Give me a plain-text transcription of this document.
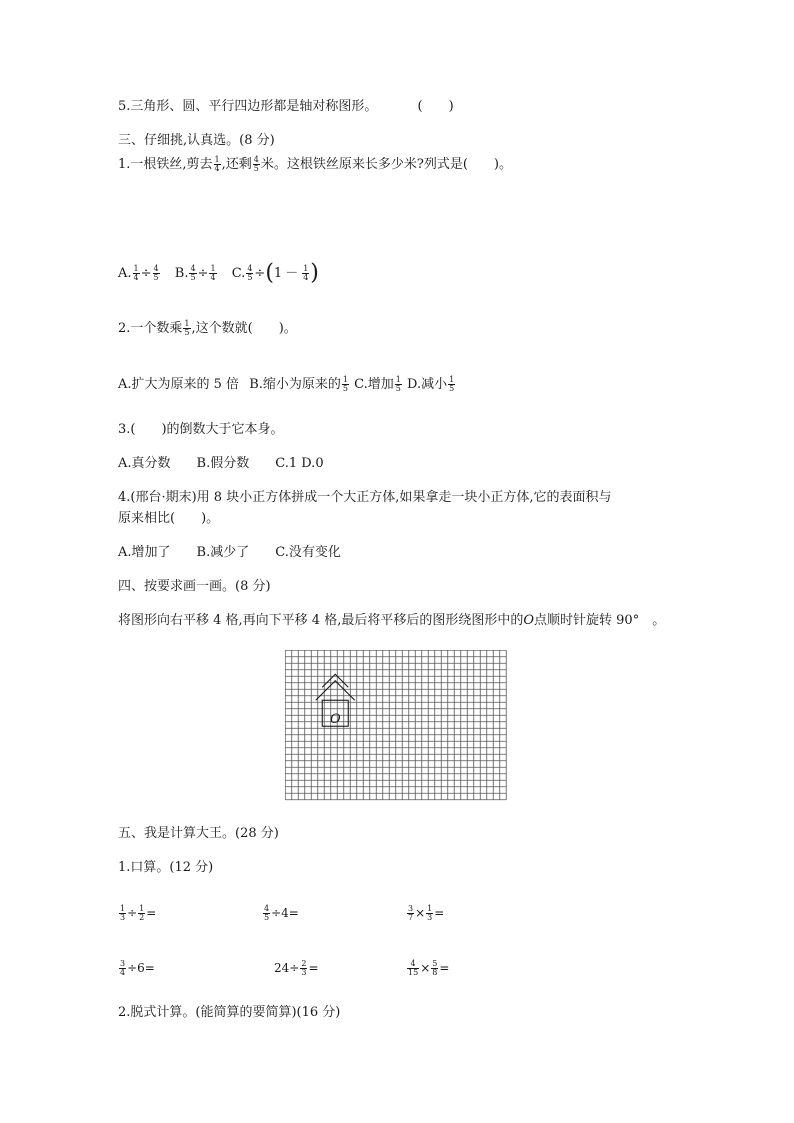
5.三角形、圆、平行四边形都是轴对称图形。	(　　)
三、仔细挑,认真选。(8 分)
1.一根铁丝,剪去 $\frac{1}{4}$ ,还剩 $\frac{4}{5}$ 米。这根铁丝原来长多少米?列式是(　　)。
A. $\frac{1}{4} \div \frac{4}{5} B$. $\frac{4}{5} \div \frac{1}{4} C$. $\frac{4}{5} \div(1 - \frac{1}{4}$ )
2.一个数乘 $\frac{1}{5}$ ,这个数就(　　)。
A.扩大为原来的 5 倍 B.缩小为原来的 $\frac{1}{5} C$.增加 $\frac{1}{5} D$.减小 $\frac{1}{5}$
3.(　　)的倒数大于它本身。
A.真分数　　B.假分数　　C.1 D.0
4.(邢台·期末)用 8 块小正方体拼成一个大正方体,如果拿走一块小正方体,它的表面积与
原来相比(　　)。
A.增加了　　B.减少了　　C.没有变化
四、按要求画一画。(8 分)
将图形向右平移 4 格,再向下平移 4 格,最后将平移后的图形绕图形中的O点顺时针旋转 90°　。
O
五、我是计算大王。(28 分)
1.口算。(12 分)
$\frac{1}{3} \div \frac{1}{2}$ =	$\frac{4}{5} \div 4=$	$\frac{3}{7} \times \frac{1}{3}$ =
$\frac{3}{4} \div 6=$	$24\div \frac{2}{3}$ =	$\frac{4}{15} \times \frac{5}{8}$ =
2.脱式计算。(能简算的要简算)(16 分)
